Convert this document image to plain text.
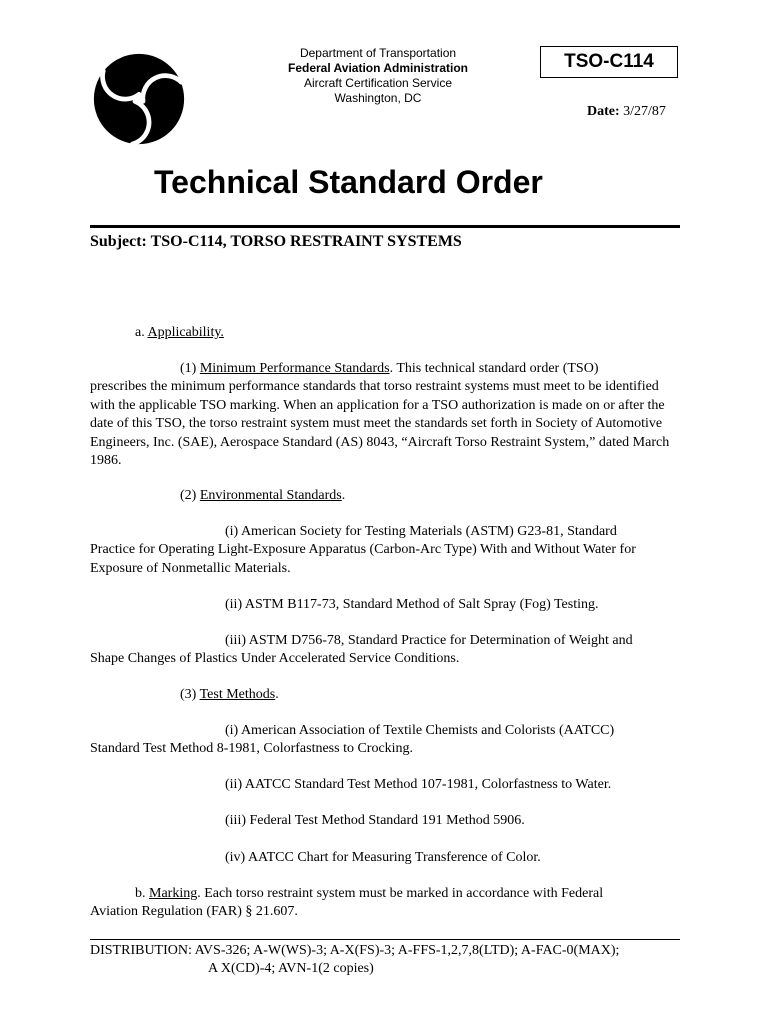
Department of Transportation
Federal Aviation Administration
Aircraft Certification Service
Washington, DC
TSO-C114
Date: 3/27/87
Technical Standard Order
Subject: TSO-C114, TORSO RESTRAINT SYSTEMS

a. Applicability.

(1) Minimum Performance Standards. This technical standard order (TSO)
prescribes the minimum performance standards that torso restraint systems must meet to be identified with the applicable TSO marking. When an application for a TSO authorization is made on or after the date of this TSO, the torso restraint system must meet the standards set forth in Society of Automotive Engineers, Inc. (SAE), Aerospace Standard (AS) 8043, “Aircraft Torso Restraint System,” dated March 1986.

(2) Environmental Standards.

(i) American Society for Testing Materials (ASTM) G23-81, Standard
Practice for Operating Light-Exposure Apparatus (Carbon-Arc Type) With and Without Water for Exposure of Nonmetallic Materials.

(ii) ASTM B117-73, Standard Method of Salt Spray (Fog) Testing.

(iii) ASTM D756-78, Standard Practice for Determination of Weight and
Shape Changes of Plastics Under Accelerated Service Conditions.

(3) Test Methods.

(i) American Association of Textile Chemists and Colorists (AATCC)
Standard Test Method 8-1981, Colorfastness to Crocking.

(ii) AATCC Standard Test Method 107-1981, Colorfastness to Water.

(iii) Federal Test Method Standard 191 Method 5906.

(iv) AATCC Chart for Measuring Transference of Color.

b. Marking. Each torso restraint system must be marked in accordance with Federal
Aviation Regulation (FAR) § 21.607.
DISTRIBUTION: AVS-326; A-W(WS)-3; A-X(FS)-3; A-FFS-1,2,7,8(LTD); A-FAC-0(MAX);
A X(CD)-4; AVN-1(2 copies)
